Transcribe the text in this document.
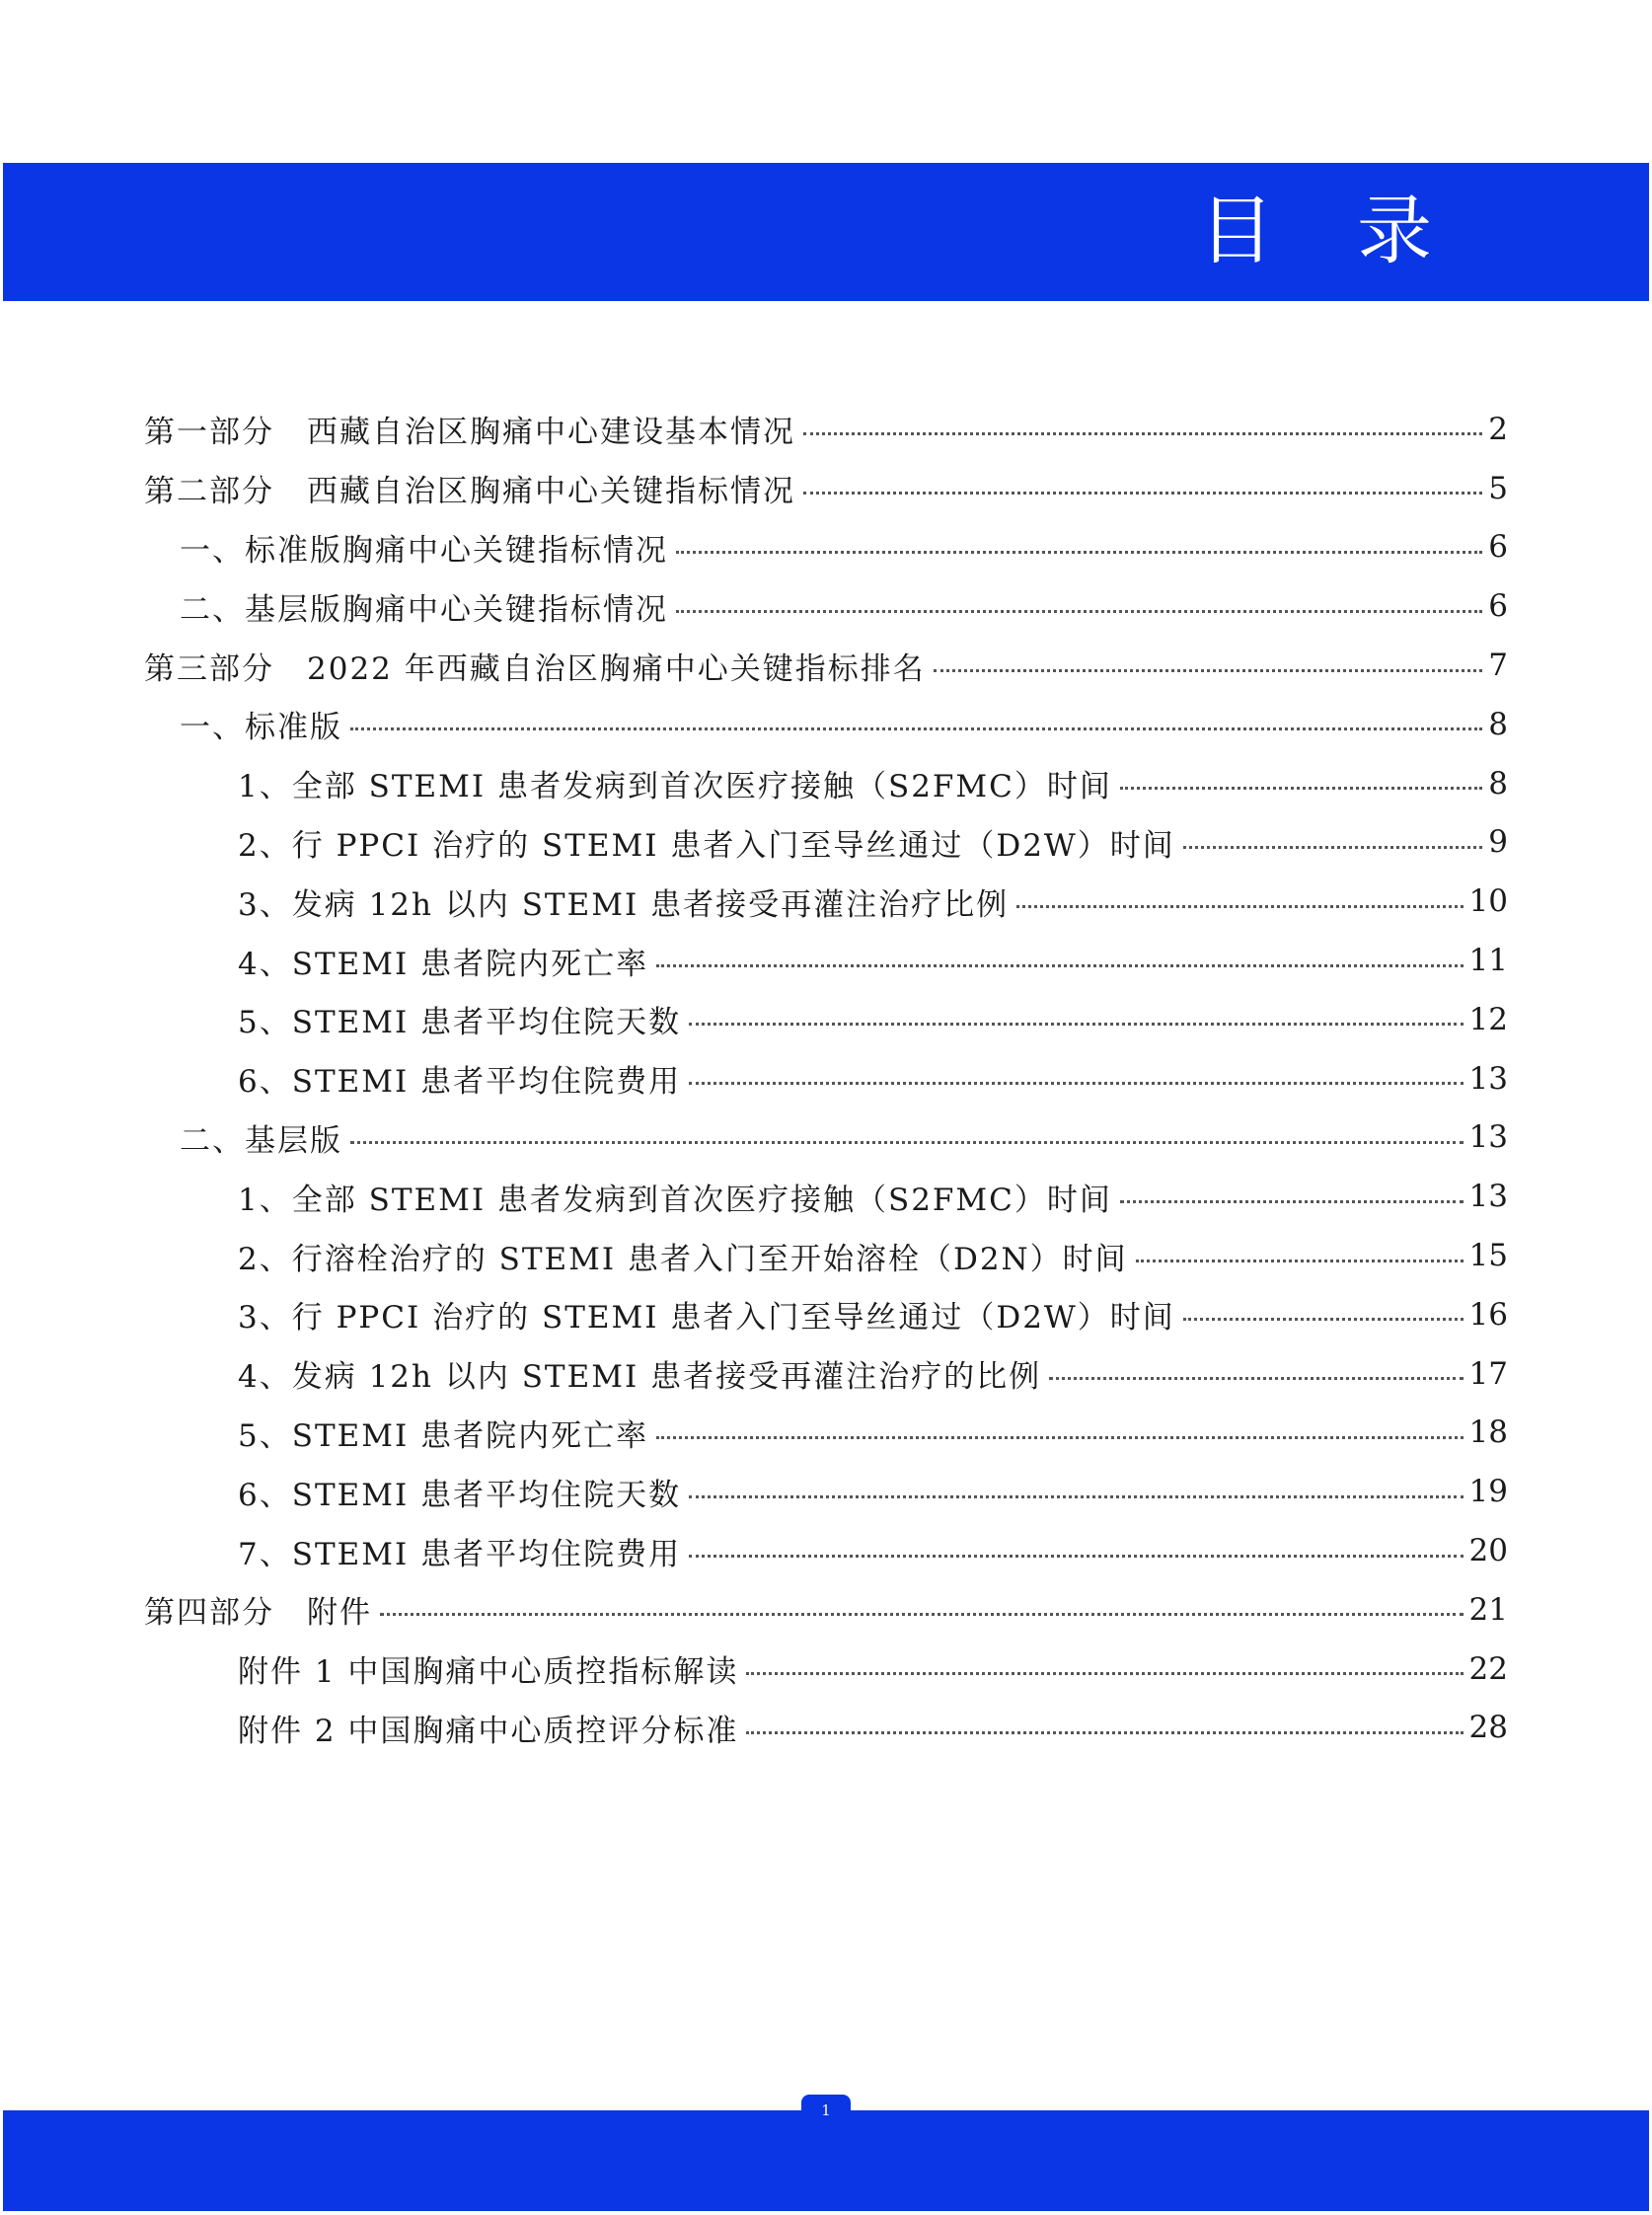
目录
第一部分　西藏自治区胸痛中心建设基本情况	2
第二部分　西藏自治区胸痛中心关键指标情况	5
一、标准版胸痛中心关键指标情况	6
二、基层版胸痛中心关键指标情况	6
第三部分　2022 年西藏自治区胸痛中心关键指标排名	7
一、标准版	8
1、全部 STEMI 患者发病到首次医疗接触（S2FMC）时间	8
2、行 PPCI 治疗的 STEMI 患者入门至导丝通过（D2W）时间	9
3、发病 12h 以内 STEMI 患者接受再灌注治疗比例	10
4、STEMI 患者院内死亡率	11
5、STEMI 患者平均住院天数	12
6、STEMI 患者平均住院费用	13
二、基层版	13
1、全部 STEMI 患者发病到首次医疗接触（S2FMC）时间	13
2、行溶栓治疗的 STEMI 患者入门至开始溶栓（D2N）时间	15
3、行 PPCI 治疗的 STEMI 患者入门至导丝通过（D2W）时间	16
4、发病 12h 以内 STEMI 患者接受再灌注治疗的比例	17
5、STEMI 患者院内死亡率	18
6、STEMI 患者平均住院天数	19
7、STEMI 患者平均住院费用	20
第四部分　附件	21
附件 1 中国胸痛中心质控指标解读	22
附件 2 中国胸痛中心质控评分标准	28
1
